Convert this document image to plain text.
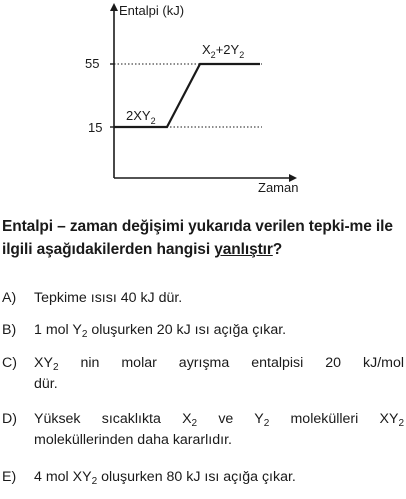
Entalpi (kJ)
Zaman
55
15
$2XY_2$
$X_2+2Y_2$
Entalpi – zaman değişimi yukarıda verilen tepki-me ile ilgili aşağıdakilerden hangisi yanlıştır?
A) Tepkime ısısı 40 kJ dür.
B) 1 mol $Y_2$ oluşurken 20 kJ ısı açığa çıkar.
C) $XY_2$ nin molar ayrışma entalpisi 20 kJ/mol
dür.
D) Yüksek sıcaklıkta $X_2$ ve $Y_2$ molekülleri $XY_2$
moleküllerinden daha kararlıdır.
E) 4 mol $XY_2$ oluşurken 80 kJ ısı açığa çıkar.
